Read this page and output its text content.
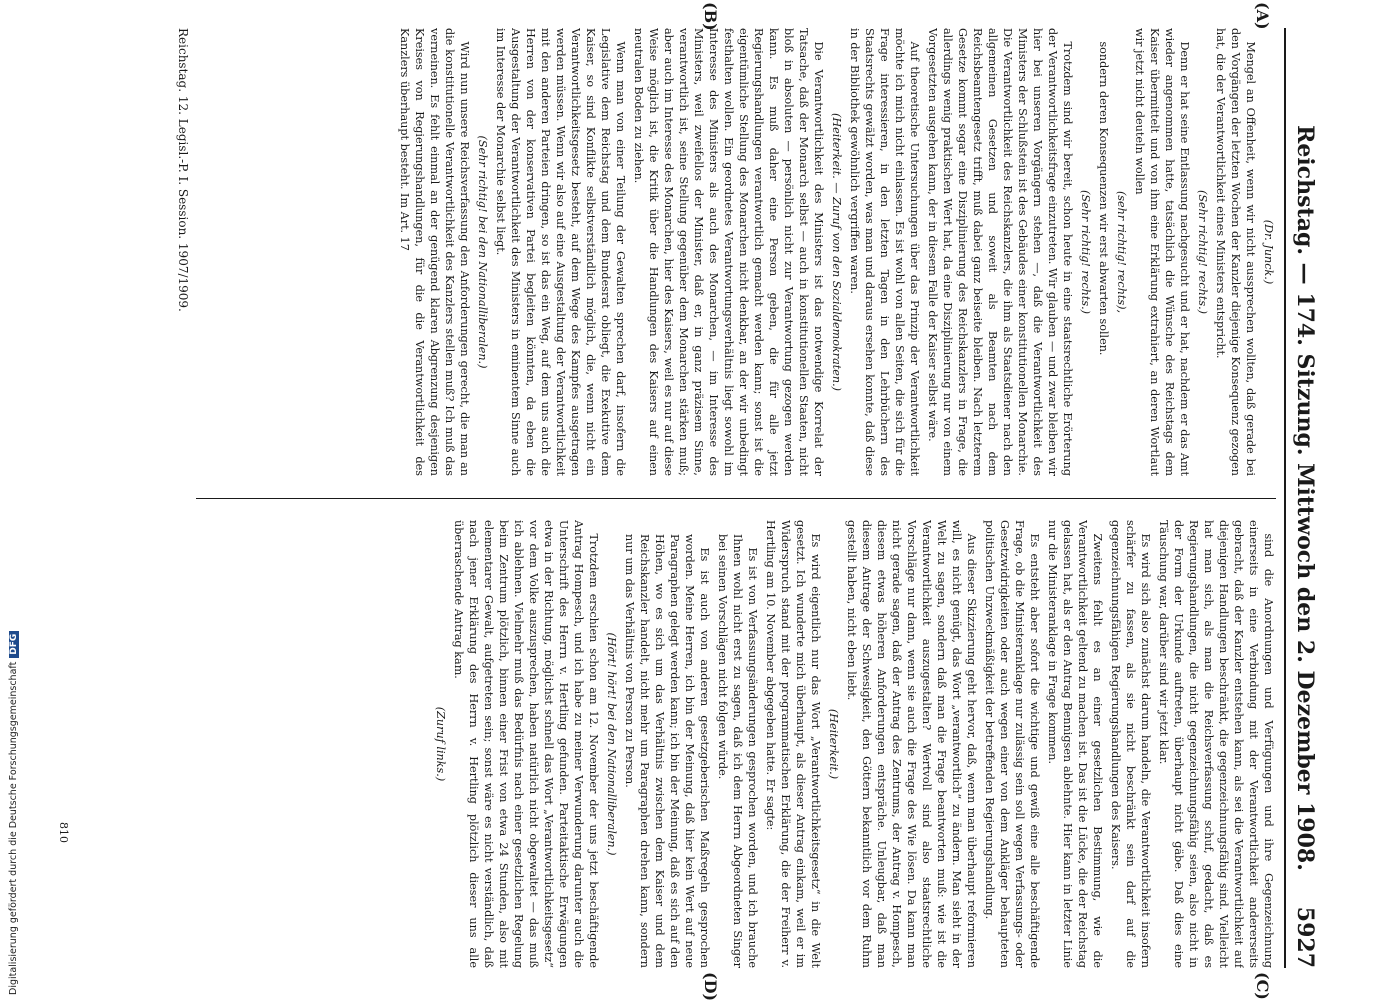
Reichstag. — 174. Sitzung. Mittwoch den 2. Dezember 1908.
5927
(A)
(B)
(C)
(D)

(Dr. Junck.)

Mengel an Offenheit, wenn wir nicht aussprechen wollten, daß gerade bei den Vorgängen der letzten Wochen der Kanzler diejenige Konsequenz gezogen hat, die der Verantwortlichkeit eines Ministers entspricht.

(Sehr richtig! rechts.)

Denn er hat seine Entlassung nachgesucht und er hat, nachdem er das Amt wieder angenommen hatte, tatsächlich die Wünsche des Reichstags dem Kaiser übermittelt und von ihm eine Erklärung extrahiert, an deren Wortlaut wir jetzt nicht deuteln wollen

(sehr richtig! rechts),

sondern deren Konsequenzen wir erst abwarten sollen.

(Sehr richtig! rechts.)

Trotzdem sind wir bereit, schon heute in eine staatsrechtliche Erörterung der Verantwortlichkeitsfrage einzutreten. Wir glauben — und zwar bleiben wir hier bei unseren Vorgängern stehen —, daß die Verantwortlichkeit des Ministers der Schlußstein ist des Gebäudes einer konstitutionellen Monarchie. Die Verantwortlichkeit des Reichskanzlers, die ihm als Staatsdiener nach den allgemeinen Gesetzen und soweit als Beamten nach dem Reichsbeamtengesetz trifft, muß dabei ganz beiseite bleiben. Nach letzterem Gesetze kommt sogar eine Disziplinierung des Reichskanzlers in Frage, die allerdings wenig praktischen Wert hat, da eine Disziplinierung nur von einem Vorgesetzten ausgehen kann, der in diesem Falle der Kaiser selbst wäre.

Auf theoretische Untersuchungen über das Prinzip der Verantwortlichkeit möchte ich mich nicht einlassen. Es ist wohl von allen Seiten, die sich für die Frage interessieren, in den letzten Tagen in den Lehrbüchern des Staatsrechts gewälzt worden, was man und daraus ersehen konnte, daß diese in der Bibliothek gewöhnlich vergriffen waren.

(Heiterkeit. — Zuruf von den Sozialdemokraten.)

Die Verantwortlichkeit des Ministers ist das notwendige Korrelat der Tatsache, daß der Monarch selbst — auch in konstitutionellen Staaten, nicht bloß in absoluten — persönlich nicht zur Verantwortung gezogen werden kann. Es muß daher eine Person geben, die für alle jetzt Regierungshandlungen verantwortlich gemacht werden kann; sonst ist die eigentümliche Stellung des Monarchen nicht denkbar, an der wir unbedingt festhalten wollen. Ein geordnetes Verantwortungsverhältnis liegt sowohl im Interesse des Ministers als auch des Monarchen, — im Interesse des Ministers, weil zweifellos der Minister, daß er, in ganz präzisem Sinne, verantwortlich ist, seine Stellung gegenüber dem Monarchen stärken muß; aber auch im Interesse des Monarchen, hier des Kaisers, weil es nur auf diese Weise möglich ist, die Kritik über die Handlungen des Kaisers auf einen neutralen Boden zu ziehen.

Wenn man von einer Teilung der Gewalten sprechen darf, insofern die Legislative dem Reichstag und dem Bundesrat obliegt, die Exekutive dem Kaiser, so sind Konflikte selbstverständlich möglich, die, wenn nicht ein Verantwortlichkeitsgesetz besteht, auf dem Wege des Kampfes ausgetragen werden müssen. Wenn wir also auf eine Ausgestaltung der Verantwortlichkeit mit den anderen Parteien dringen, so ist das ein Weg, auf dem uns auch die Herren von der konservativen Partei begleiten könnten, da eben die Ausgestaltung der Verantwortlichkeit des Ministers in eminentem Sinne auch im Interesse der Monarchie selbst liegt.

(Sehr richtig! bei den Nationalliberalen.)

Wird nun unsere Reichsverfassung den Anforderungen gerecht, die man an die konstitutionelle Verantwortlichkeit des Kanzlers stellen muß? Ich muß das verneinen. Es fehlt einmal an der genügend klaren Abgrenzung desjenigen Kreises von Regierungshandlungen, für die die Verantwortlichkeit des Kanzlers überhaupt besteht. Im Art. 17

sind die Anordnungen und Verfügungen und ihre Gegenzeichnung einerseits in eine Verbindung mit der Verantwortlichkeit andererseits gebracht, daß der Kanzler entstehen kann, als sei die Verantwortlichkeit auf diejenigen Handlungen beschränkt, die gegenzeichnungsfähig sind. Vielleicht hat man sich, als man die Reichsverfassung schuf, gedacht, daß es Regierungshandlungen, die nicht gegenzeichnungsfähig seien, also nicht in der Form der Urkunde auftreten, überhaupt nicht gäbe. Daß dies eine Täuschung war, darüber sind wir jetzt klar.

Es wird sich also zunächst darum handeln, die Verantwortlichkeit insofern schärfer zu fassen, als sie nicht beschränkt sein darf auf die gegenzeichnungsfähigen Regierungshandlungen des Kaisers.

Zweitens fehlt es an einer gesetzlichen Bestimmung, wie die Verantwortlichkeit geltend zu machen ist. Das ist die Lücke, die der Reichstag gelassen hat, als er den Antrag Bennigsen ablehnte. Hier kann in letzter Linie nur die Ministeranklage in Frage kommen.

Es entsteht aber sofort die wichtige und gewiß eine alle beschäftigende Frage, ob die Ministeranklage nur zulässig sein soll wegen Verfassungs- oder Gesetzwidrigkeiten oder auch wegen einer von dem Ankläger behaupteten politischen Unzweckmäßigkeit der betreffenden Regierungshandlung.

Aus dieser Skizzierung geht hervor, daß, wenn man überhaupt reformieren will, es nicht genügt, das Wort „verantwortlich“ zu ändern. Man sieht in der Welt zu sagen, sondern daß man die Frage beantworten muß: wie ist die Verantwortlichkeit auszugestalten? Wertvoll sind also staatsrechtliche Vorschläge nur dann, wenn sie auch die Frage des Wie lösen. Da kann man nicht gerade sagen, daß der Antrag des Zentrums, der Antrag v. Hompesch, diesem etwas höheren Anforderungen entspräche. Unleugbar, daß man diesem Antrage der Schwesigkeit, den Göttern bekanntlich vor dem Ruhm gestellt haben, nicht eben liebt.

(Heiterkeit.)

Es wird eigentlich nur das Wort „Verantwortlichkeitsgesetz“ in die Welt gesetzt. Ich wunderte mich überhaupt, als dieser Antrag einkam, weil er im Widerspruch stand mit der programmatischen Erklärung, die der Freiherr v. Hertling am 10. November abgegeben hatte. Er sagte:

Es ist von Verfassungsänderungen gesprochen worden, und ich brauche Ihnen wohl nicht erst zu sagen, daß ich dem Herrn Abgeordneten Singer bei seinen Vorschlägen nicht folgen würde.

Es ist auch von anderen gesetzgeberischen Maßregeln gesprochen worden. Meine Herren, ich bin der Meinung, daß hier kein Wert auf neue Paragraphen gelegt werden kann; ich bin der Meinung, daß es sich auf den Höhen, wo es sich um das Verhältnis zwischen dem Kaiser und dem Reichskanzler handelt, nicht mehr um Paragraphen drehen kann, sondern nur um das Verhältnis von Person zu Person.

(Hört! hört! bei den Nationalliberalen.)

Trotzdem erschien schon am 12. November der uns jetzt beschäftigende Antrag Hompesch, und ich habe zu meiner Verwunderung darunter auch die Unterschrift des Herrn v. Hertling gefunden. Parteitaktische Erwägungen etwa in der Richtung, möglichst schnell das Wort „Verantwortlichkeitsgesetz“ vor dem Volke auszusprechen, haben natürlich nicht obgewaltet — das muß ich ablehnen. Vielmehr muß das Bedürfnis nach einer gesetzlichen Regelung beim Zentrum plötzlich, binnen einer Frist von etwa 24 Stunden, also mit elementarer Gewalt, aufgetreten sein; sonst wäre es nicht verständlich, daß nach jener Erklärung des Herrn v. Hertling plötzlich dieser uns alle überraschende Antrag kam.

(Zuruf links.)

Reichstag. 12. Legisl.-P. I. Session. 1907/1909.
810
Digitalisierung gefördert durch die Deutsche ForschungsgemeinschaftDFG
